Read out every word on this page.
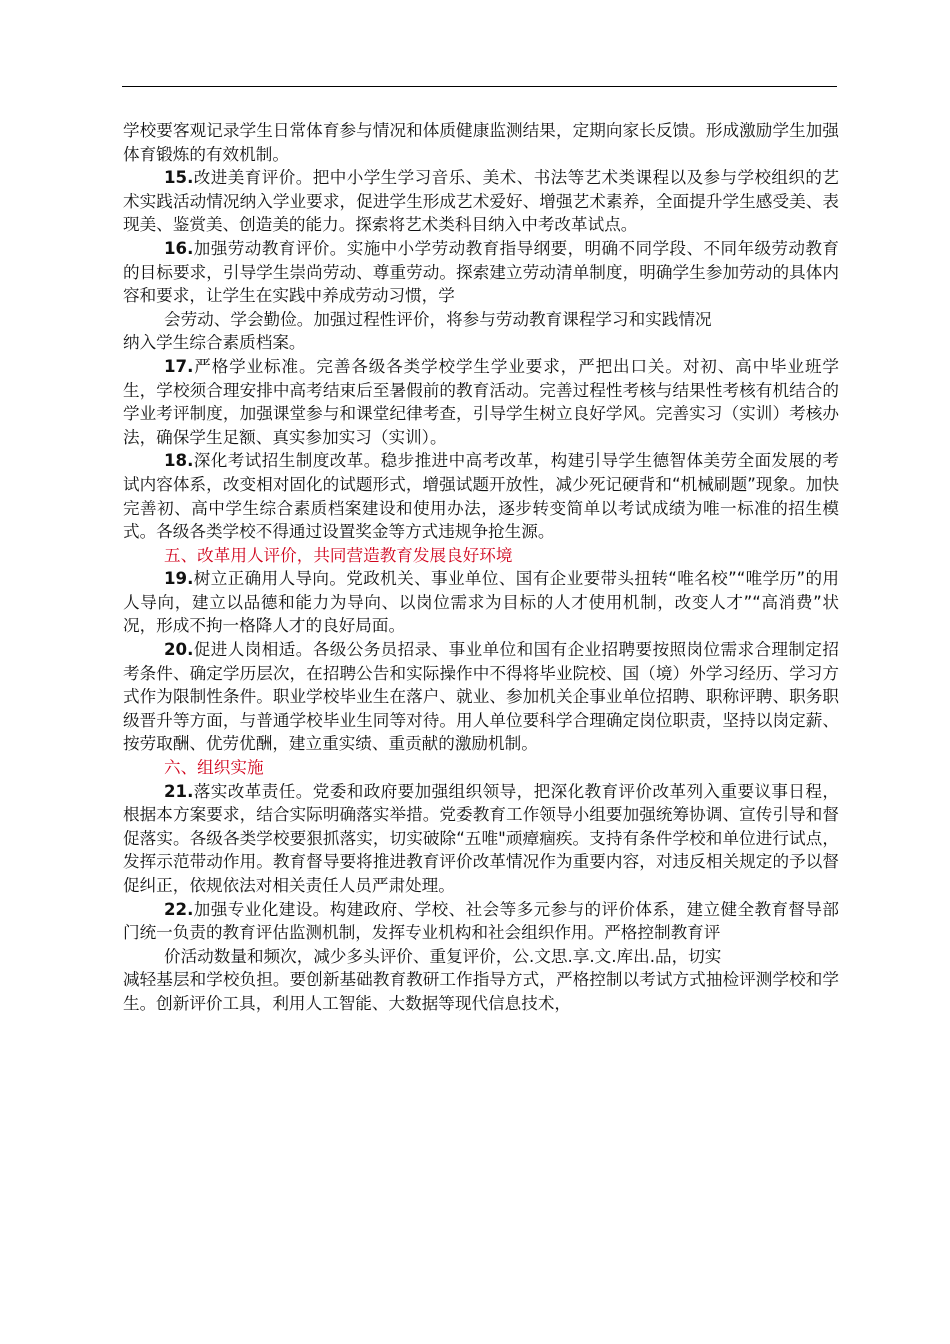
学校要客观记录学生日常体育参与情况和体质健康监测结果，定期向家长反馈。形成激励学生加强体育锻炼的有效机制。

15.改进美育评价。把中小学生学习音乐、美术、书法等艺术类课程以及参与学校组织的艺术实践活动情况纳入学业要求，促进学生形成艺术爱好、增强艺术素养，全面提升学生感受美、表现美、鉴赏美、创造美的能力。探索将艺术类科目纳入中考改革试点。

16.加强劳动教育评价。实施中小学劳动教育指导纲要，明确不同学段、不同年级劳动教育的目标要求，引导学生崇尚劳动、尊重劳动。探索建立劳动清单制度，明确学生参加劳动的具体内容和要求，让学生在实践中养成劳动习惯，学

会劳动、学会勤俭。加强过程性评价，将参与劳动教育课程学习和实践情况

纳入学生综合素质档案。

17.严格学业标准。完善各级各类学校学生学业要求，严把出口关。对初、高中毕业班学生，学校须合理安排中高考结束后至暑假前的教育活动。完善过程性考核与结果性考核有机结合的学业考评制度，加强课堂参与和课堂纪律考查，引导学生树立良好学风。完善实习（实训）考核办法，确保学生足额、真实参加实习（实训）。

18.深化考试招生制度改革。稳步推进中高考改革，构建引导学生德智体美劳全面发展的考试内容体系，改变相对固化的试题形式，增强试题开放性，减少死记硬背和“机械刷题”现象。加快完善初、高中学生综合素质档案建设和使用办法，逐步转变简单以考试成绩为唯一标准的招生模式。各级各类学校不得通过设置奖金等方式违规争抢生源。

五、改革用人评价，共同营造教育发展良好环境

19.树立正确用人导向。党政机关、事业单位、国有企业要带头扭转“唯名校”“唯学历”的用人导向，建立以品德和能力为导向、以岗位需求为目标的人才使用机制，改变人才”“高消费”状况，形成不拘一格降人才的良好局面。

20.促进人岗相适。各级公务员招录、事业单位和国有企业招聘要按照岗位需求合理制定招考条件、确定学历层次，在招聘公告和实际操作中不得将毕业院校、国（境）外学习经历、学习方式作为限制性条件。职业学校毕业生在落户、就业、参加机关企事业单位招聘、职称评聘、职务职级晋升等方面，与普通学校毕业生同等对待。用人单位要科学合理确定岗位职责，坚持以岗定薪、按劳取酬、优劳优酬，建立重实绩、重贡献的激励机制。

六、组织实施

21.落实改革责任。党委和政府要加强组织领导，把深化教育评价改革列入重要议事日程，根据本方案要求，结合实际明确落实举措。党委教育工作领导小组要加强统筹协调、宣传引导和督促落实。各级各类学校要狠抓落实，切实破除“五唯"顽瘴痼疾。支持有条件学校和单位进行试点，发挥示范带动作用。教育督导要将推进教育评价改革情况作为重要内容，对违反相关规定的予以督促纠正，依规依法对相关责任人员严肃处理。

22.加强专业化建设。构建政府、学校、社会等多元参与的评价体系，建立健全教育督导部门统一负责的教育评估监测机制，发挥专业机构和社会组织作用。严格控制教育评

价活动数量和频次，减少多头评价、重复评价，公.文思.享.文.库出.品，切实

减轻基层和学校负担。要创新基础教育教研工作指导方式，严格控制以考试方式抽检评测学校和学生。创新评价工具，利用人工智能、大数据等现代信息技术，
